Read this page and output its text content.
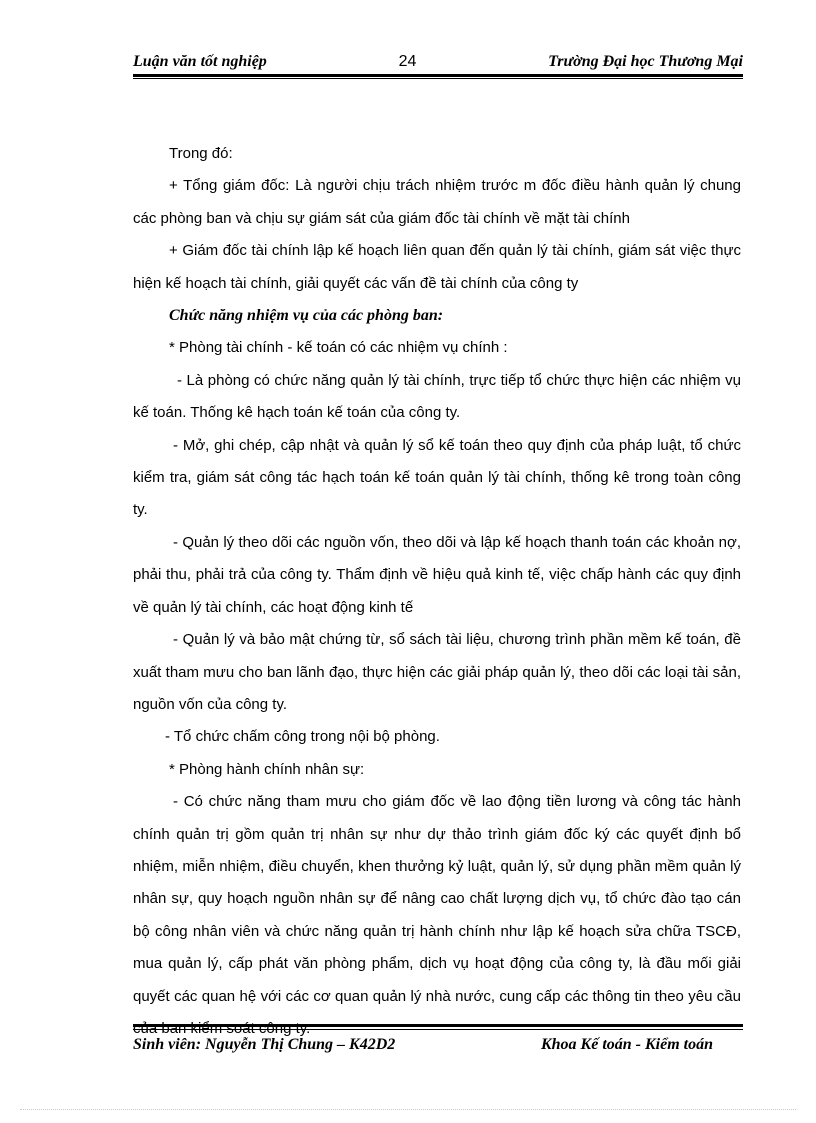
Luận văn tốt nghiệp	24	Trường Đại học Thương Mại

Trong đó:

+ Tổng giám đốc: Là người chịu trách nhiệm trước m đốc điều hành quản lý chung các phòng ban và chịu sự giám sát của giám đốc tài chính về mặt tài chính

+ Giám đốc tài chính lập kế hoạch liên quan đến quản lý tài chính, giám sát việc thực hiện kế hoạch tài chính, giải quyết các vấn đề tài chính của công ty

Chức năng nhiệm vụ của các phòng ban:

* Phòng tài chính - kế toán có các nhiệm vụ chính :

- Là phòng có chức năng quản lý tài chính, trực tiếp tổ chức thực hiện các nhiệm vụ kế toán. Thống kê hạch toán kế toán của công ty.

- Mở, ghi chép, cập nhật và quản lý sổ kế toán theo quy định của pháp luật, tổ chức kiểm tra, giám sát công tác hạch toán kế toán quản lý tài chính, thống kê trong toàn công ty.

- Quản lý theo dõi các nguồn vốn, theo dõi và lập kế hoạch thanh toán các khoản nợ, phải thu, phải trả của công ty. Thẩm định về hiệu quả kinh tế, việc chấp hành các quy định về quản lý tài chính, các hoạt động kinh tế

- Quản lý và bảo mật chứng từ, sổ sách tài liệu, chương trình phần mềm kế toán, đề xuất tham mưu cho ban lãnh đạo, thực hiện các giải pháp quản lý, theo dõi các loại tài sản, nguồn vốn của công ty.

- Tổ chức chấm công trong nội bộ phòng.

* Phòng hành chính nhân sự:

- Có chức năng tham mưu cho giám đốc về lao động tiền lương và công tác hành chính quản trị gồm quản trị nhân sự như dự thảo trình giám đốc ký các quyết định bổ nhiệm, miễn nhiệm, điều chuyển, khen thưởng kỷ luật, quản lý, sử dụng phần mềm quản lý nhân sự, quy hoạch nguồn nhân sự để nâng cao chất lượng dịch vụ, tổ chức đào tạo cán bộ công nhân viên và chức năng quản trị hành chính như lập kế hoạch sửa chữa TSCĐ, mua quản lý, cấp phát văn phòng phẩm, dịch vụ hoạt động của công ty, là đầu mối giải quyết các quan hệ với các cơ quan quản lý nhà nước, cung cấp các thông tin theo yêu cầu

Sinh viên: Nguyễn Thị Chung – K42D2	Khoa Kế toán - Kiểm toán
